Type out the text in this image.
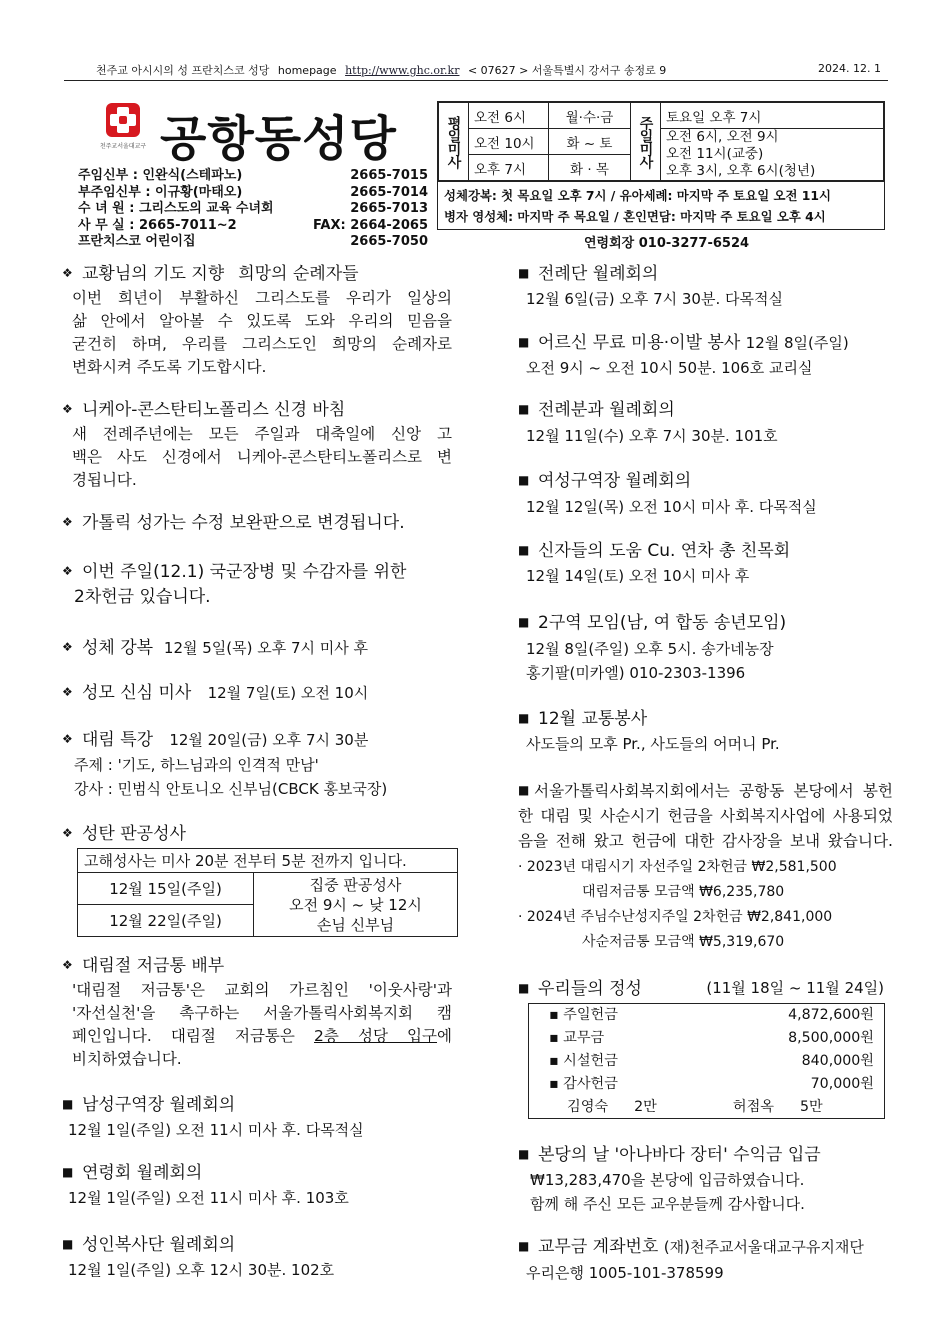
천주교 아시시의 성 프란치스코 성당 homepage http://www.ghc.or.kr < 07627 > 서울특별시 강서구 송정로 9	2024. 12. 1
천주교서울대교구 공항동성당
주임신부 : 인완식(스테파노)	2665-7015
부주임신부 : 이규황(마태오)	2665-7014
수 녀 원 : 그리스도의 교육 수녀회	2665-7013
사 무 실 : 2665-7011~2	FAX: 2664-2065
프란치스코 어린이집	2665-7050
평일미사	오전 6시	월·수·금	주일미사	토요일 오후 7시
	오전 10시	화 ~ 토		오전 6시, 오전 9시
오전 11시(교중)
오후 3시, 오후 6시(청년)

	오후 7시	화 · 목		
성체강복: 첫 목요일 오후 7시 / 유아세례: 마지막 주 토요일 오전 11시
병자 영성체: 마지막 주 목요일 / 혼인면담: 마지막 주 토요일 오후 4시
연령회장 010-3277-6524
❖ 교황님의 기도 지향 희망의 순례자들
이번 희년이 부활하신 그리스도를 우리가 일상의
삶 안에서 알아볼 수 있도록 도와 우리의 믿음을
굳건히 하며, 우리를 그리스도인 희망의 순례자로
변화시켜 주도록 기도합시다.
❖ 니케아-콘스탄티노폴리스 신경 바침
새 전례주년에는 모든 주일과 대축일에 신앙 고
백은 사도 신경에서 니케아-콘스탄티노폴리스로 변
경됩니다.
❖ 가톨릭 성가는 수정 보완판으로 변경됩니다.
❖ 이번 주일(12.1) 국군장병 및 수감자를 위한
2차헌금 있습니다.
❖ 성체 강복 12월 5일(목) 오후 7시 미사 후
❖ 성모 신심 미사 12월 7일(토) 오전 10시
❖ 대림 특강 12월 20일(금) 오후 7시 30분
주제 : '기도, 하느님과의 인격적 만남'
강사 : 민범식 안토니오 신부님(CBCK 홍보국장)
❖ 성탄 판공성사
고해성사는 미사 20분 전부터 5분 전까지 입니다.
12월 15일(주일)	집중 판공성사
오전 9시 ~ 낮 12시
손님 신부님

12월 22일(주일)
❖ 대림절 저금통 배부
'대림절 저금통'은 교회의 가르침인 '이웃사랑'과
'자선실천'을 촉구하는 서울가톨릭사회복지회 캠
페인입니다. 대림절 저금통은 2층 성당 입구에
비치하였습니다.
■ 남성구역장 월례회의
12월 1일(주일) 오전 11시 미사 후. 다목적실
■ 연령회 월례회의
12월 1일(주일) 오전 11시 미사 후. 103호
■ 성인복사단 월례회의
12월 1일(주일) 오후 12시 30분. 102호
■ 전례단 월례회의
12월 6일(금) 오후 7시 30분. 다목적실
■ 어르신 무료 미용·이발 봉사 12월 8일(주일)
오전 9시 ~ 오전 10시 50분. 106호 교리실
■ 전례분과 월례회의
12월 11일(수) 오후 7시 30분. 101호
■ 여성구역장 월례회의
12월 12일(목) 오전 10시 미사 후. 다목적실
■ 신자들의 도움 Cu. 연차 총 친목회
12월 14일(토) 오전 10시 미사 후
■ 2구역 모임(남, 여 합동 송년모임)
12월 8일(주일) 오후 5시. 송가네농장
홍기팔(미카엘) 010-2303-1396
■ 12월 교통봉사
사도들의 모후 Pr., 사도들의 어머니 Pr.
■ 서울가톨릭사회복지회에서는 공항동 본당에서 봉헌
한 대림 및 사순시기 헌금을 사회복지사업에 사용되었
음을 전해 왔고 헌금에 대한 감사장을 보내 왔습니다.
· 2023년 대림시기 자선주일 2차헌금 ₩2,581,500
대림저금통 모금액 ₩6,235,780
· 2024년 주님수난성지주일 2차헌금 ₩2,841,000
사순저금통 모금액 ₩5,319,670
■ 우리들의 정성	(11월 18일 ~ 11월 24일)
▪ 주일헌금	4,872,600원
▪ 교무금	8,500,000원
▪ 시설헌금	840,000원
▪ 감사헌금	70,000원
김영숙 2만	허점옥 5만
■ 본당의 날 '아나바다 장터' 수익금 입금
₩13,283,470을 본당에 입금하였습니다.
함께 해 주신 모든 교우분들께 감사합니다.
■ 교무금 계좌번호 (재)천주교서울대교구유지재단
우리은행 1005-101-378599
